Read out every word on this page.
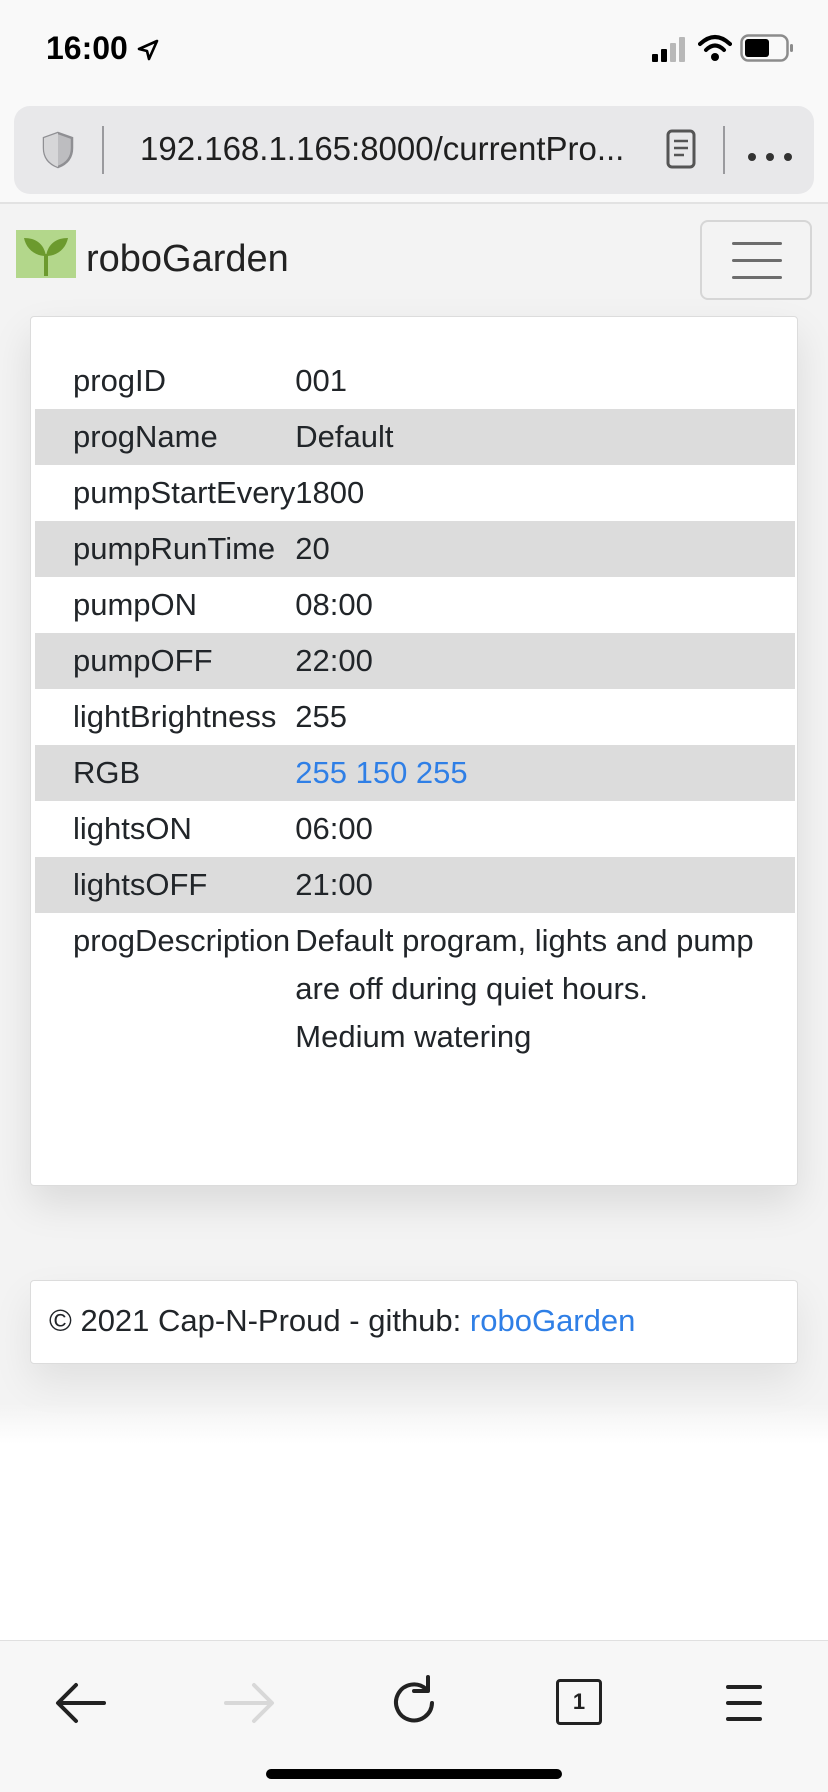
16:00
192.168.1.165:8000/currentPro...
roboGarden
progID	001
progName	Default
pumpStartEvery	1800
pumpRunTime	20
pumpON	08:00
pumpOFF	22:00
lightBrightness	255
RGB	255 150 255
lightsON	06:00
lightsOFF	21:00
progDescription	Default program, lights and pump are off during quiet hours. Medium watering
© 2021 Cap-N-Proud - github: roboGarden
1
